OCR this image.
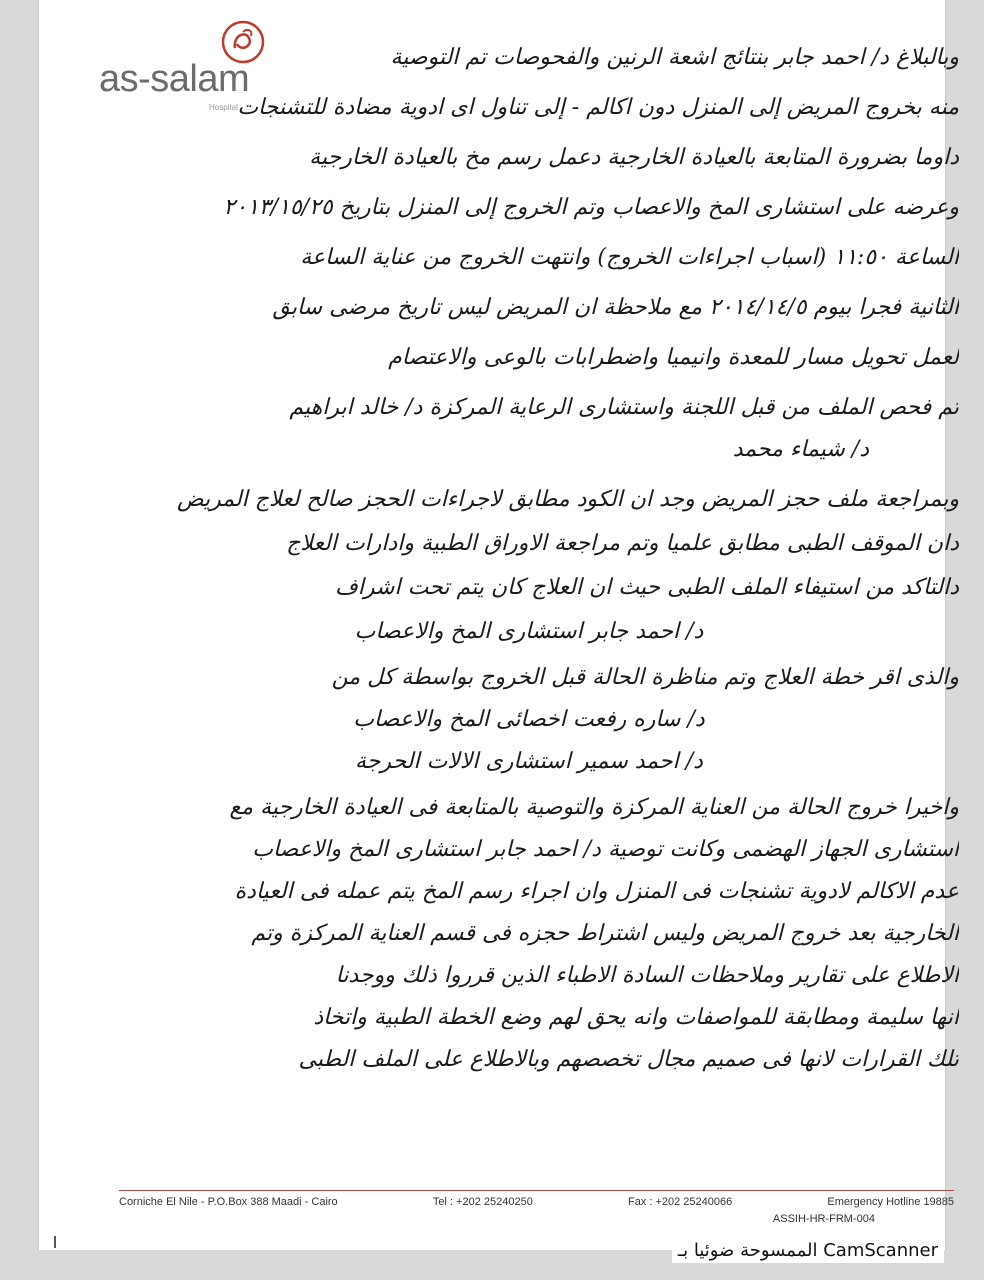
as-salam
Hospital
وبالبلاغ د/ احمد جابر بنتائج اشعة الرنين والفحوصات تم التوصية
منه بخروج المريض إلى المنزل دون اكالم - إلى تناول اى ادوية مضادة للتشنجات
داوما بضرورة المتابعة بالعيادة الخارجية دعمل رسم مخ بالعيادة الخارجية
وعرضه على استشارى المخ والاعصاب وتم الخروج إلى المنزل بتاريخ ٢٠١٣/١٥/٢٥
الساعة ١١:٥٠ (اسباب اجراءات الخروج) وانتهت الخروج من عناية الساعة
الثانية فجرا بيوم ٢٠١٤/١٤/٥ مع ملاحظة ان المريض ليس تاريخ مرضى سابق
لعمل تحويل مسار للمعدة وانيميا واضطرابات بالوعى والاعتصام
تم فحص الملف من قبل اللجنة واستشارى الرعاية المركزة د/ خالد ابراهيم
د/ شيماء محمد
وبمراجعة ملف حجز المريض وجد ان الكود مطابق لاجراءات الحجز صالح لعلاج المريض
دان الموقف الطبى مطابق علميا وتم مراجعة الاوراق الطبية وادارات العلاج
دالتاكد من استيفاء الملف الطبى حيث ان العلاج كان يتم تحت اشراف
د/ احمد جابر استشارى المخ والاعصاب
والذى اقر خطة العلاج وتم مناظرة الحالة قبل الخروج بواسطة كل من
د/ ساره رفعت اخصائى المخ والاعصاب
د/ احمد سمير استشارى الالات الحرجة
واخيرا خروج الحالة من العناية المركزة والتوصية بالمتابعة فى العيادة الخارجية مع
استشارى الجهاز الهضمى وكانت توصية د/ احمد جابر استشارى المخ والاعصاب
عدم الاكالم لادوية تشنجات فى المنزل وان اجراء رسم المخ يتم عمله فى العيادة
الخارجية بعد خروج المريض وليس اشتراط حجزه فى قسم العناية المركزة وتم
الاطلاع على تقارير وملاحظات السادة الاطباء الذين قرروا ذلك ووجدنا
انها سليمة ومطابقة للمواصفات وانه يحق لهم وضع الخطة الطبية واتخاذ
تلك القرارات لانها فى صميم مجال تخصصهم وبالاطلاع على الملف الطبى
Corniche El Nile - P.O.Box 388 Maadi - Cairo	Tel : +202 25240250	Fax : +202 25240066	Emergency Hotline 19885
ASSIH-HR-FRM-004
الممسوحة ضوئيا بـ CamScanner
